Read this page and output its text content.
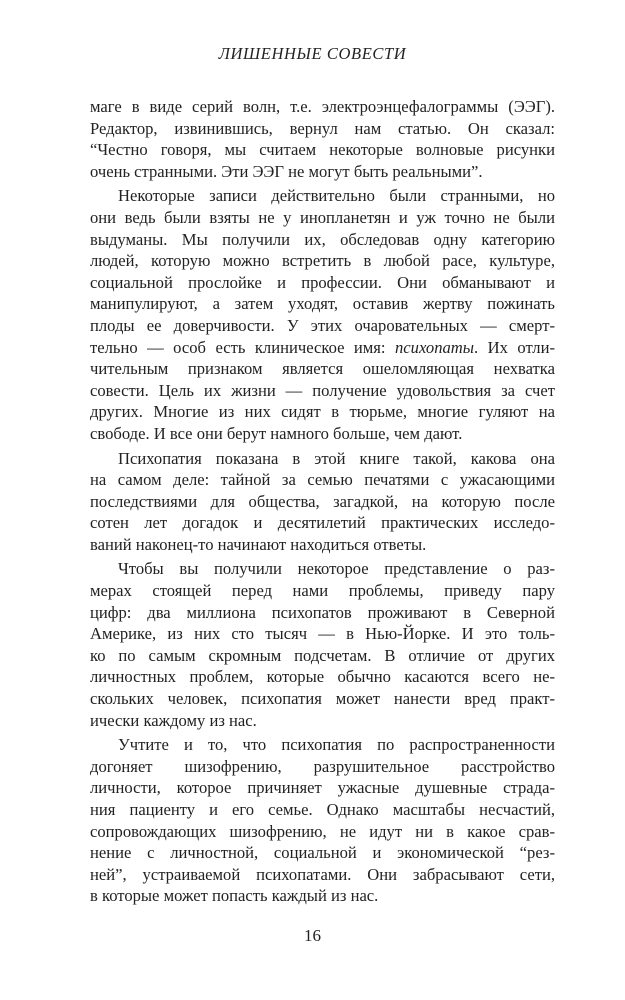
ЛИШЕННЫЕ СОВЕСТИ
маге в виде серий волн, т.е. электроэнцефалограммы (ЭЭГ).
Редактор, извинившись, вернул нам статью. Он сказал:
“Честно говоря, мы считаем некоторые волновые рисунки
очень странными. Эти ЭЭГ не могут быть реальными”.
Некоторые записи действительно были странными, но
они ведь были взяты не у инопланетян и уж точно не были
выдуманы. Мы получили их, обследовав одну категорию
людей, которую можно встретить в любой расе, культуре,
социальной прослойке и профессии. Они обманывают и
манипулируют, а затем уходят, оставив жертву пожинать
плоды ее доверчивости. У этих очаровательных — смерт-
тельно — особ есть клиническое имя: психопаты. Их отли-
чительным признаком является ошеломляющая нехватка
совести. Цель их жизни — получение удовольствия за счет
других. Многие из них сидят в тюрьме, многие гуляют на
свободе. И все они берут намного больше, чем дают.
Психопатия показана в этой книге такой, какова она
на самом деле: тайной за семью печатями с ужасающими
последствиями для общества, загадкой, на которую после
сотен лет догадок и десятилетий практических исследо-
ваний наконец-то начинают находиться ответы.
Чтобы вы получили некоторое представление о раз-
мерах стоящей перед нами проблемы, приведу пару
цифр: два миллиона психопатов проживают в Северной
Америке, из них сто тысяч — в Нью-Йорке. И это толь-
ко по самым скромным подсчетам. В отличие от других
личностных проблем, которые обычно касаются всего не-
скольких человек, психопатия может нанести вред практ-
ически каждому из нас.
Учтите и то, что психопатия по распространенности
догоняет шизофрению, разрушительное расстройство
личности, которое причиняет ужасные душевные страда-
ния пациенту и его семье. Однако масштабы несчастий,
сопровождающих шизофрению, не идут ни в какое срав-
нение с личностной, социальной и экономической “рез-
ней”, устраиваемой психопатами. Они забрасывают сети,
в которые может попасть каждый из нас.
16
